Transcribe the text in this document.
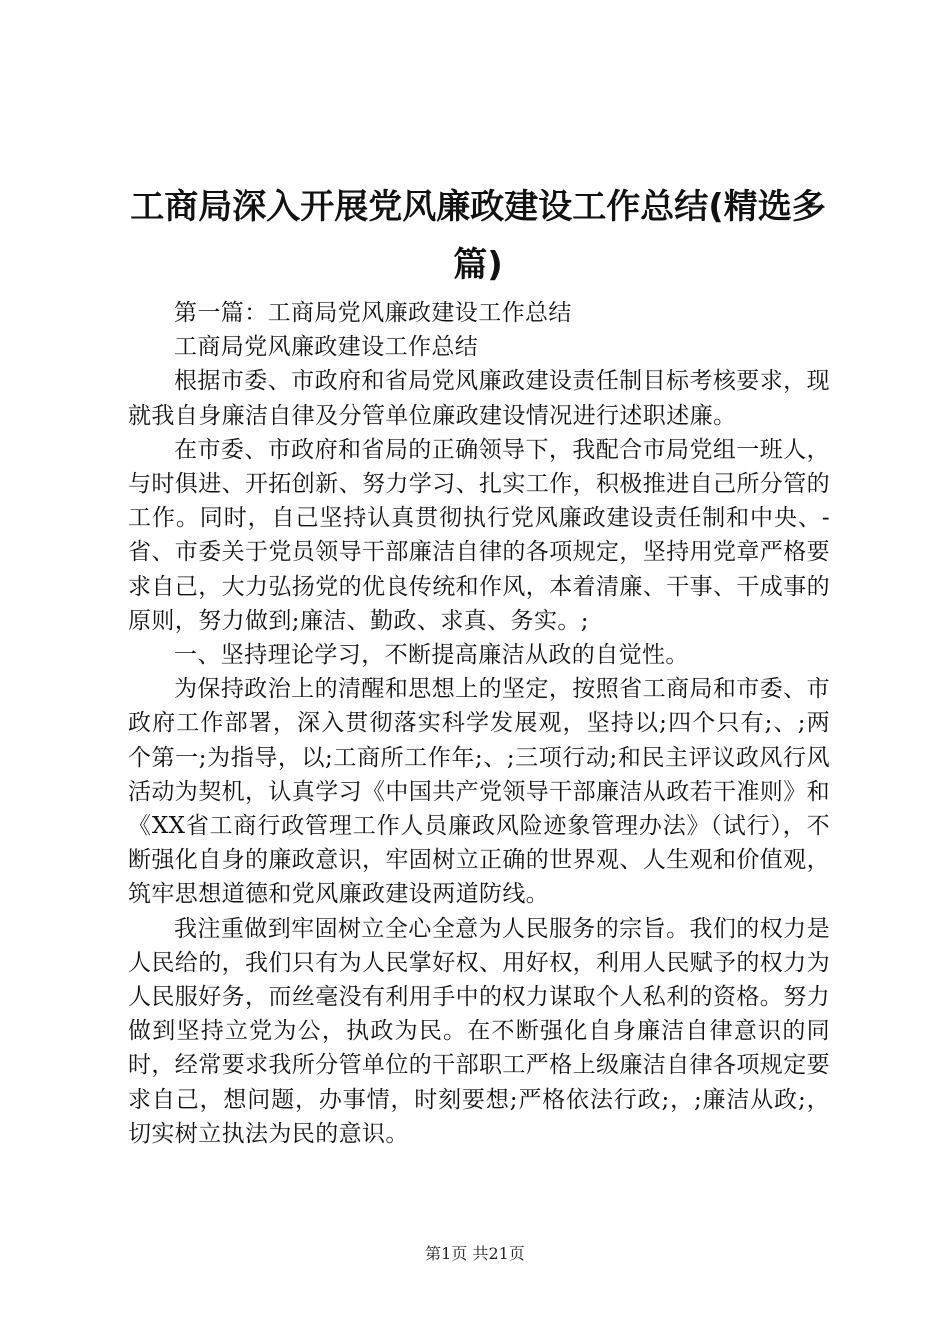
工商局深入开展党风廉政建设工作总结(精选多篇)

第一篇：工商局党风廉政建设工作总结

工商局党风廉政建设工作总结

根据市委、市政府和省局党风廉政建设责任制目标考核要求，现就我自身廉洁自律及分管单位廉政建设情况进行述职述廉。

在市委、市政府和省局的正确领导下，我配合市局党组一班人，与时俱进、开拓创新、努力学习、扎实工作，积极推进自己所分管的工作。同时，自己坚持认真贯彻执行党风廉政建设责任制和中央、-省、市委关于党员领导干部廉洁自律的各项规定，坚持用党章严格要求自己，大力弘扬党的优良传统和作风，本着清廉、干事、干成事的原则，努力做到;廉洁、勤政、求真、务实。;

一、坚持理论学习，不断提高廉洁从政的自觉性。

为保持政治上的清醒和思想上的坚定，按照省工商局和市委、市政府工作部署，深入贯彻落实科学发展观，坚持以;四个只有;、;两个第一;为指导，以;工商所工作年;、;三项行动;和民主评议政风行风活动为契机，认真学习《中国共产党领导干部廉洁从政若干准则》和《XX省工商行政管理工作人员廉政风险迹象管理办法》（试行），不断强化自身的廉政意识，牢固树立正确的世界观、人生观和价值观，筑牢思想道德和党风廉政建设两道防线。

我注重做到牢固树立全心全意为人民服务的宗旨。我们的权力是人民给的，我们只有为人民掌好权、用好权，利用人民赋予的权力为人民服好务，而丝毫没有利用手中的权力谋取个人私利的资格。努力做到坚持立党为公，执政为民。在不断强化自身廉洁自律意识的同时，经常要求我所分管单位的干部职工严格上级廉洁自律各项规定要求自己，想问题，办事情，时刻要想;严格依法行政;，;廉洁从政;，切实树立执法为民的意识。

第1页 共21页
